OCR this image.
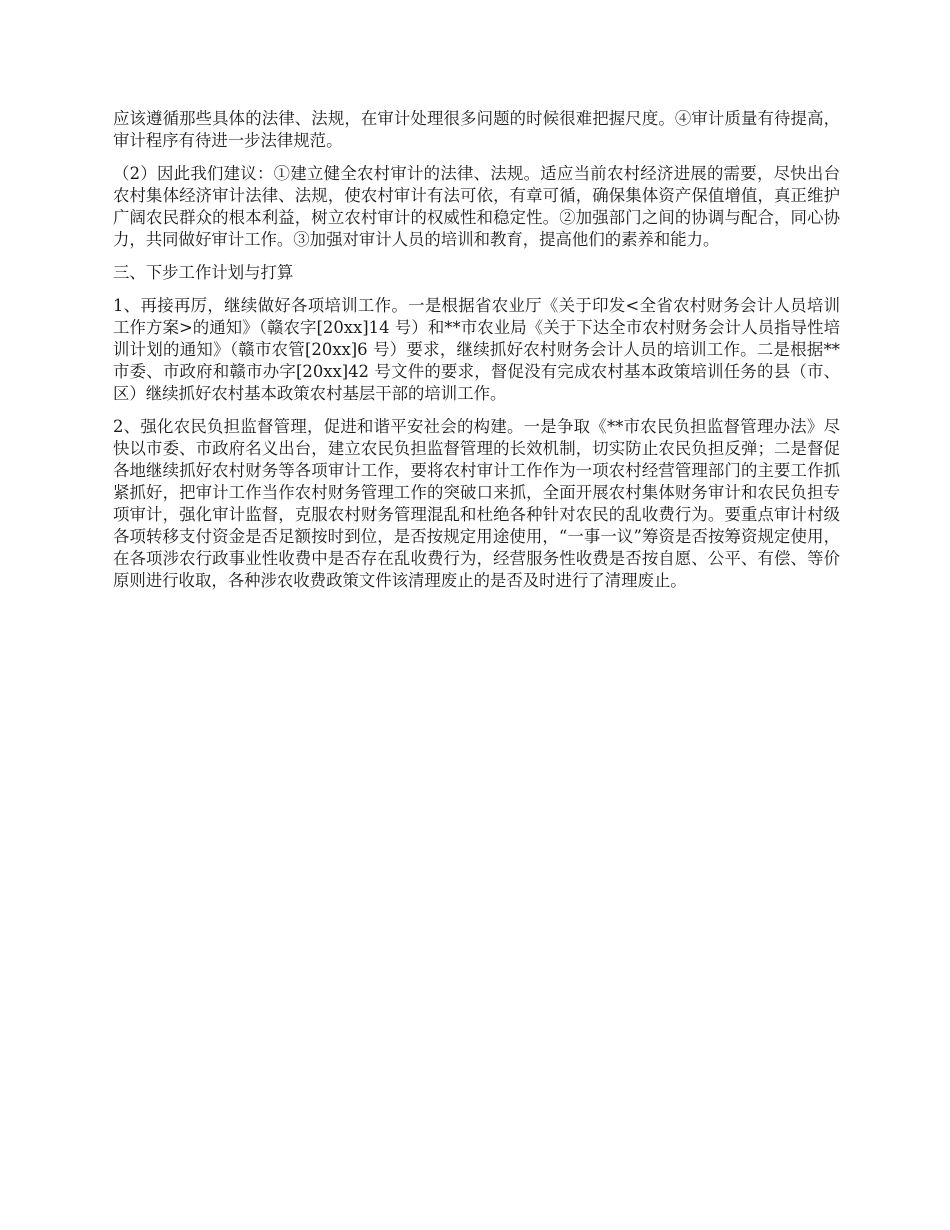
应该遵循那些具体的法律、法规，在审计处理很多问题的时候很难把握尺度。④审计质量有待提高，审计程序有待进一步法律规范。

（2）因此我们建议：①建立健全农村审计的法律、法规。适应当前农村经济进展的需要，尽快出台农村集体经济审计法律、法规，使农村审计有法可依，有章可循，确保集体资产保值增值，真正维护广阔农民群众的根本利益，树立农村审计的权威性和稳定性。②加强部门之间的协调与配合，同心协力，共同做好审计工作。③加强对审计人员的培训和教育，提高他们的素养和能力。

三、下步工作计划与打算

1、再接再厉，继续做好各项培训工作。一是根据省农业厅《关于印发<全省农村财务会计人员培训工作方案>的通知》（赣农字[20xx]14 号）和**市农业局《关于下达全市农村财务会计人员指导性培训计划的通知》（赣市农管[20xx]6 号）要求，继续抓好农村财务会计人员的培训工作。二是根据**市委、市政府和赣市办字[20xx]42 号文件的要求，督促没有完成农村基本政策培训任务的县（市、区）继续抓好农村基本政策农村基层干部的培训工作。

2、强化农民负担监督管理，促进和谐平安社会的构建。一是争取《**市农民负担监督管理办法》尽快以市委、市政府名义出台，建立农民负担监督管理的长效机制，切实防止农民负担反弹；二是督促各地继续抓好农村财务等各项审计工作，要将农村审计工作作为一项农村经营管理部门的主要工作抓紧抓好，把审计工作当作农村财务管理工作的突破口来抓，全面开展农村集体财务审计和农民负担专项审计，强化审计监督，克服农村财务管理混乱和杜绝各种针对农民的乱收费行为。要重点审计村级各项转移支付资金是否足额按时到位，是否按规定用途使用，“一事一议”筹资是否按筹资规定使用，在各项涉农行政事业性收费中是否存在乱收费行为，经营服务性收费是否按自愿、公平、有偿、等价原则进行收取，各种涉农收费政策文件该清理废止的是否及时进行了清理废止。
